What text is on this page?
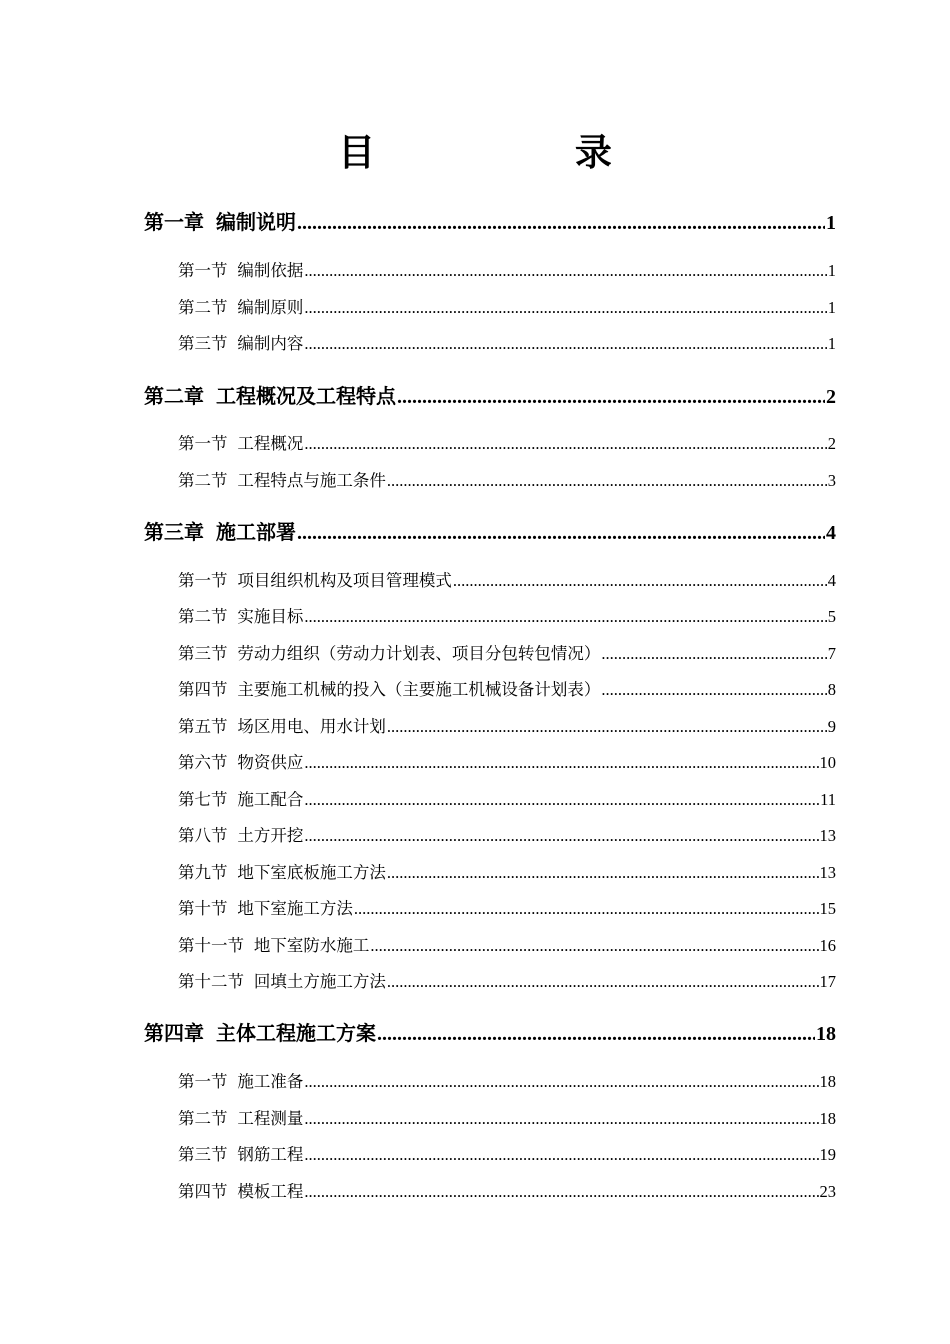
目　录
第一章 编制说明 .....	1
第一节 编制依据 .....	1
第二节 编制原则 .....	1
第三节 编制内容 .....	1
第二章 工程概况及工程特点 .....	2
第一节 工程概况 .....	2
第二节 工程特点与施工条件 .....	3
第三章 施工部署 .....	4
第一节 项目组织机构及项目管理模式 .....	4
第二节 实施目标 .....	5
第三节 劳动力组织（劳动力计划表、项目分包转包情况） .....	7
第四节 主要施工机械的投入（主要施工机械设备计划表） .....	8
第五节 场区用电、用水计划 .....	9
第六节 物资供应 .....	10
第七节 施工配合 .....	11
第八节 土方开挖 .....	13
第九节 地下室底板施工方法 .....	13
第十节 地下室施工方法 .....	15
第十一节 地下室防水施工 .....	16
第十二节 回填土方施工方法 .....	17
第四章 主体工程施工方案 .....	18
第一节 施工准备 .....	18
第二节 工程测量 .....	18
第三节 钢筋工程 .....	19
第四节 模板工程 .....	23
